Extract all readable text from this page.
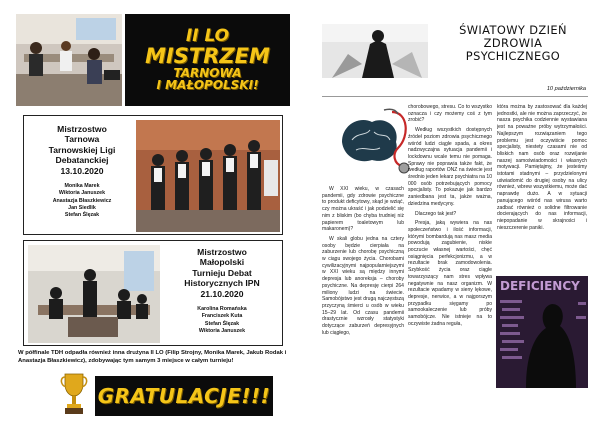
II LO
MISTRZEM
TARNOWA
I MAŁOPOLSKI!
Mistrzostwo
Tarnowa
Tarnowskiej Ligi
Debatanckiej
13.10.2020
Monika Marek
Wiktoria Januszek
Anastazja Błaszkiewicz
Jan Siedlik
Stefan Ślęzak
Mistrzostwo
Małopolski
Turnieju Debat
Historycznych IPN
21.10.2020
Karolina Romańska
Franciszek Kuta
Stefan Ślęzak
Wiktoria Januszek
W półfinale TDH odpadła również inna drużyna II LO (Filip Strojny, Monika Marek, Jakub Rodak i Anastazja Błaszkiewicz), zdobywając tym samym 3 miejsce w całym turnieju!
GRATULACJE!!!
ŚWIATOWY DZIEŃ
ZDROWIA
PSYCHICZNEGO
10 października

W XXI wieku, w czasach pandemii, gdy zdrowie psychiczne to produkt deficytowy, skąd je wziąć, czy można ukraść i jak podzielić się nim z bliskim (bo chyba trudniej niż papierem toaletowym lub makaronem)?

W skali globu jedna na cztery osoby będzie cierpiała na zaburzenie lub chorobę psychiczną w ciągu swojego życia. Chorobami cywilizacyjnymi najpopularniejszymi w XXI wieku są między innymi depresja lub anoreksja – choroby psychiczne. Na depresję cierpi 264 miliony ludzi na świecie. Samobójstwo jest drugą najczęstszą przyczyną śmierci u osób w wieku 15–29 lat. Od czasu pandemii drastycznie wzrosły statystyki dotyczące zaburzeń depresyjnych lub ciągłego,

chorobowego, stresu. Co to wszystko oznacza i czy możemy coś z tym zrobić?

Według wszystkich dostępnych źródeł poziom zdrowia psychicznego wśród ludzi ciągle spada, a okres nadzwyczajna sytuacja pandemii i lockdownu wcale temu nie pomaga. Sprawy nie poprawia także fakt, że według raportów ONZ na świecie jest średnio jeden lekarz psychiatra na 10 000 osób potrzebujących pomocy specjalisty. To pokazuje jak bardzo zaniedbana jest ta, jakże ważna, dziedzina medycyny.

Dlaczego tak jest?

Presja, jaką wywiera na nas społeczeństwo i ilość informacji, którymi bombardują nas masz media powodują zagubienie, niskie poczucie własnej wartości, chęć osiągnięcia perfekcjonizmu, a w rezultacie brak zamodowolenia. Szybkość życia oraz ciągle towarzyszący nam stres wpływa negatywnie na nasz organizm. W rezultacie wpadamy w sieny lękowe, depresje, nerwice, a w najgorszym przypadku sięgamy po samookaleczenie lub próby samobójcze. Nie istnieje na to oczywiste żadna reguła,

która można by zastosować dla każdej jednostki, ale nie można zaprzeczyć, że nasza psychika codziennie wystawiana jest na poważne próby wytrzymałości. Najlepszym rozwiązaniem tego problemu jest oczywiście pomoc specjalisty, niestety czasami nie od bliskich nam osób oraz rozwijanie naszej samoświadomości i własnych motywacji. Pamiętajmy, że jesteśmy istotami stadnymi – przydzielonymi uświadomić do drugiej osoby na ulicy również, wbrew wszystkiemu, może dać naprawdę dużo. A w sytuacji panującego wśród nas wirusa warto zadbać również o solidne filtrowanie docierających do nas informacji, niepopadanie w skrajności i nieszczerenie paniki.

DEFICIENCY
